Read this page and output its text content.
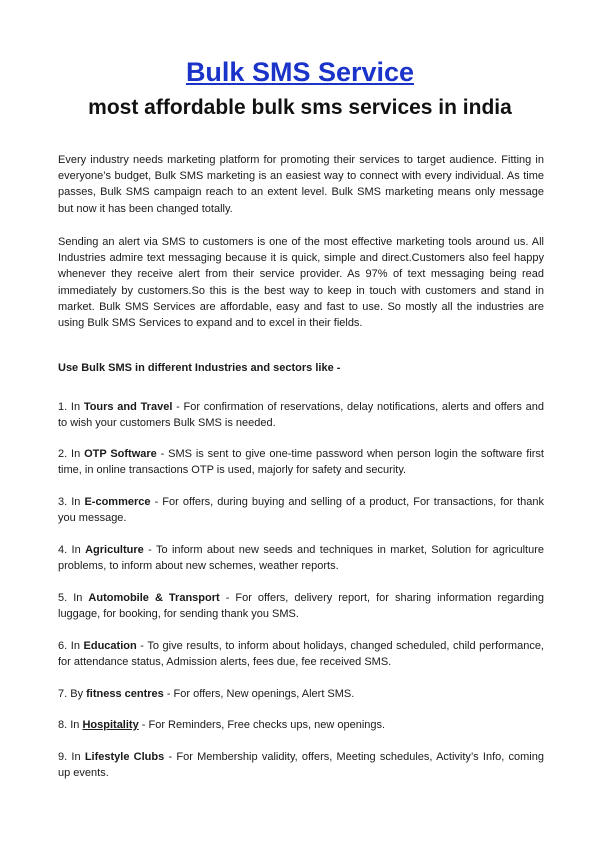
Bulk SMS Service
most affordable bulk sms services in india

Every industry needs marketing platform for promoting their services to target audience. Fitting in everyone’s budget, Bulk SMS marketing is an easiest way to connect with every individual. As time passes, Bulk SMS campaign reach to an extent level. Bulk SMS marketing means only message but now it has been changed totally.

Sending an alert via SMS to customers is one of the most effective marketing tools around us. All Industries admire text messaging because it is quick, simple and direct.Customers also feel happy whenever they receive alert from their service provider. As 97% of text messaging being read immediately by customers.So this is the best way to keep in touch with customers and stand in market. Bulk SMS Services are affordable, easy and fast to use. So mostly all the industries are using Bulk SMS Services to expand and to excel in their fields.

Use Bulk SMS in different Industries and sectors like -

1. In Tours and Travel - For confirmation of reservations, delay notifications, alerts and offers and to wish your customers Bulk SMS is needed.

2. In OTP Software - SMS is sent to give one-time password when person login the software first time, in online transactions OTP is used, majorly for safety and security.

3. In E-commerce - For offers, during buying and selling of a product, For transactions, for thank you message.

4. In Agriculture - To inform about new seeds and techniques in market, Solution for agriculture problems, to inform about new schemes, weather reports.

5. In Automobile & Transport - For offers, delivery report, for sharing information regarding luggage, for booking, for sending thank you SMS.

6. In Education - To give results, to inform about holidays, changed scheduled, child performance, for attendance status, Admission alerts, fees due, fee received SMS.

7. By fitness centres - For offers, New openings, Alert SMS.

8. In Hospitality - For Reminders, Free checks ups, new openings.

9. In Lifestyle Clubs - For Membership validity, offers, Meeting schedules, Activity’s Info, coming up events.
